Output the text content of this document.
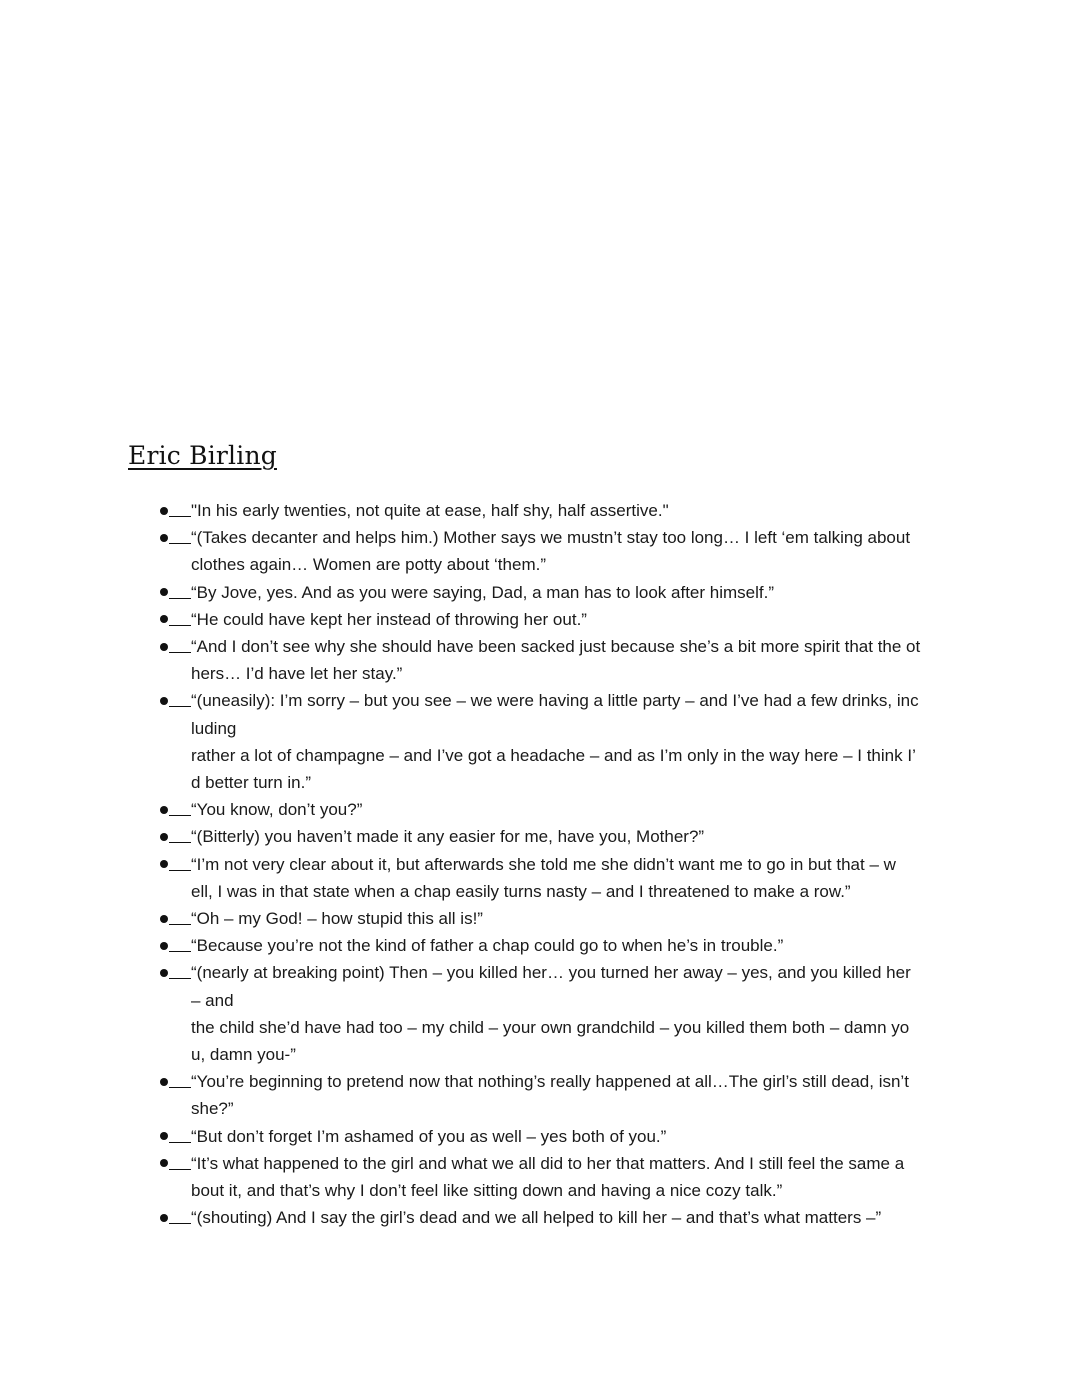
Eric Birling
"In his early twenties, not quite at ease, half shy, half assertive."
“(Takes decanter and helps him.) Mother says we mustn’t stay too long… I left ‘em talking about
clothes again… Women are potty about ‘them.”
“By Jove, yes. And as you were saying, Dad, a man has to look after himself.”
“He could have kept her instead of throwing her out.”
“And I don’t see why she should have been sacked just because she’s a bit more spirit that the ot
hers… I’d have let her stay.”
“(uneasily): I’m sorry – but you see – we were having a little party – and I’ve had a few drinks, inc
luding
rather a lot of champagne – and I’ve got a headache – and as I’m only in the way here – I think I’
d better turn in.”
“You know, don’t you?”
“(Bitterly) you haven’t made it any easier for me, have you, Mother?”
“I’m not very clear about it, but afterwards she told me she didn’t want me to go in but that – w
ell, I was in that state when a chap easily turns nasty – and I threatened to make a row.”
“Oh – my God! – how stupid this all is!”
“Because you’re not the kind of father a chap could go to when he’s in trouble.”
“(nearly at breaking point) Then – you killed her… you turned her away – yes, and you killed her
– and
the child she’d have had too – my child – your own grandchild – you killed them both – damn yo
u, damn you-”
“You’re beginning to pretend now that nothing’s really happened at all…The girl’s still dead, isn’t
she?”
“But don’t forget I’m ashamed of you as well – yes both of you.”
“It’s what happened to the girl and what we all did to her that matters. And I still feel the same a
bout it, and that’s why I don’t feel like sitting down and having a nice cozy talk.”
“(shouting) And I say the girl’s dead and we all helped to kill her – and that’s what matters –”
